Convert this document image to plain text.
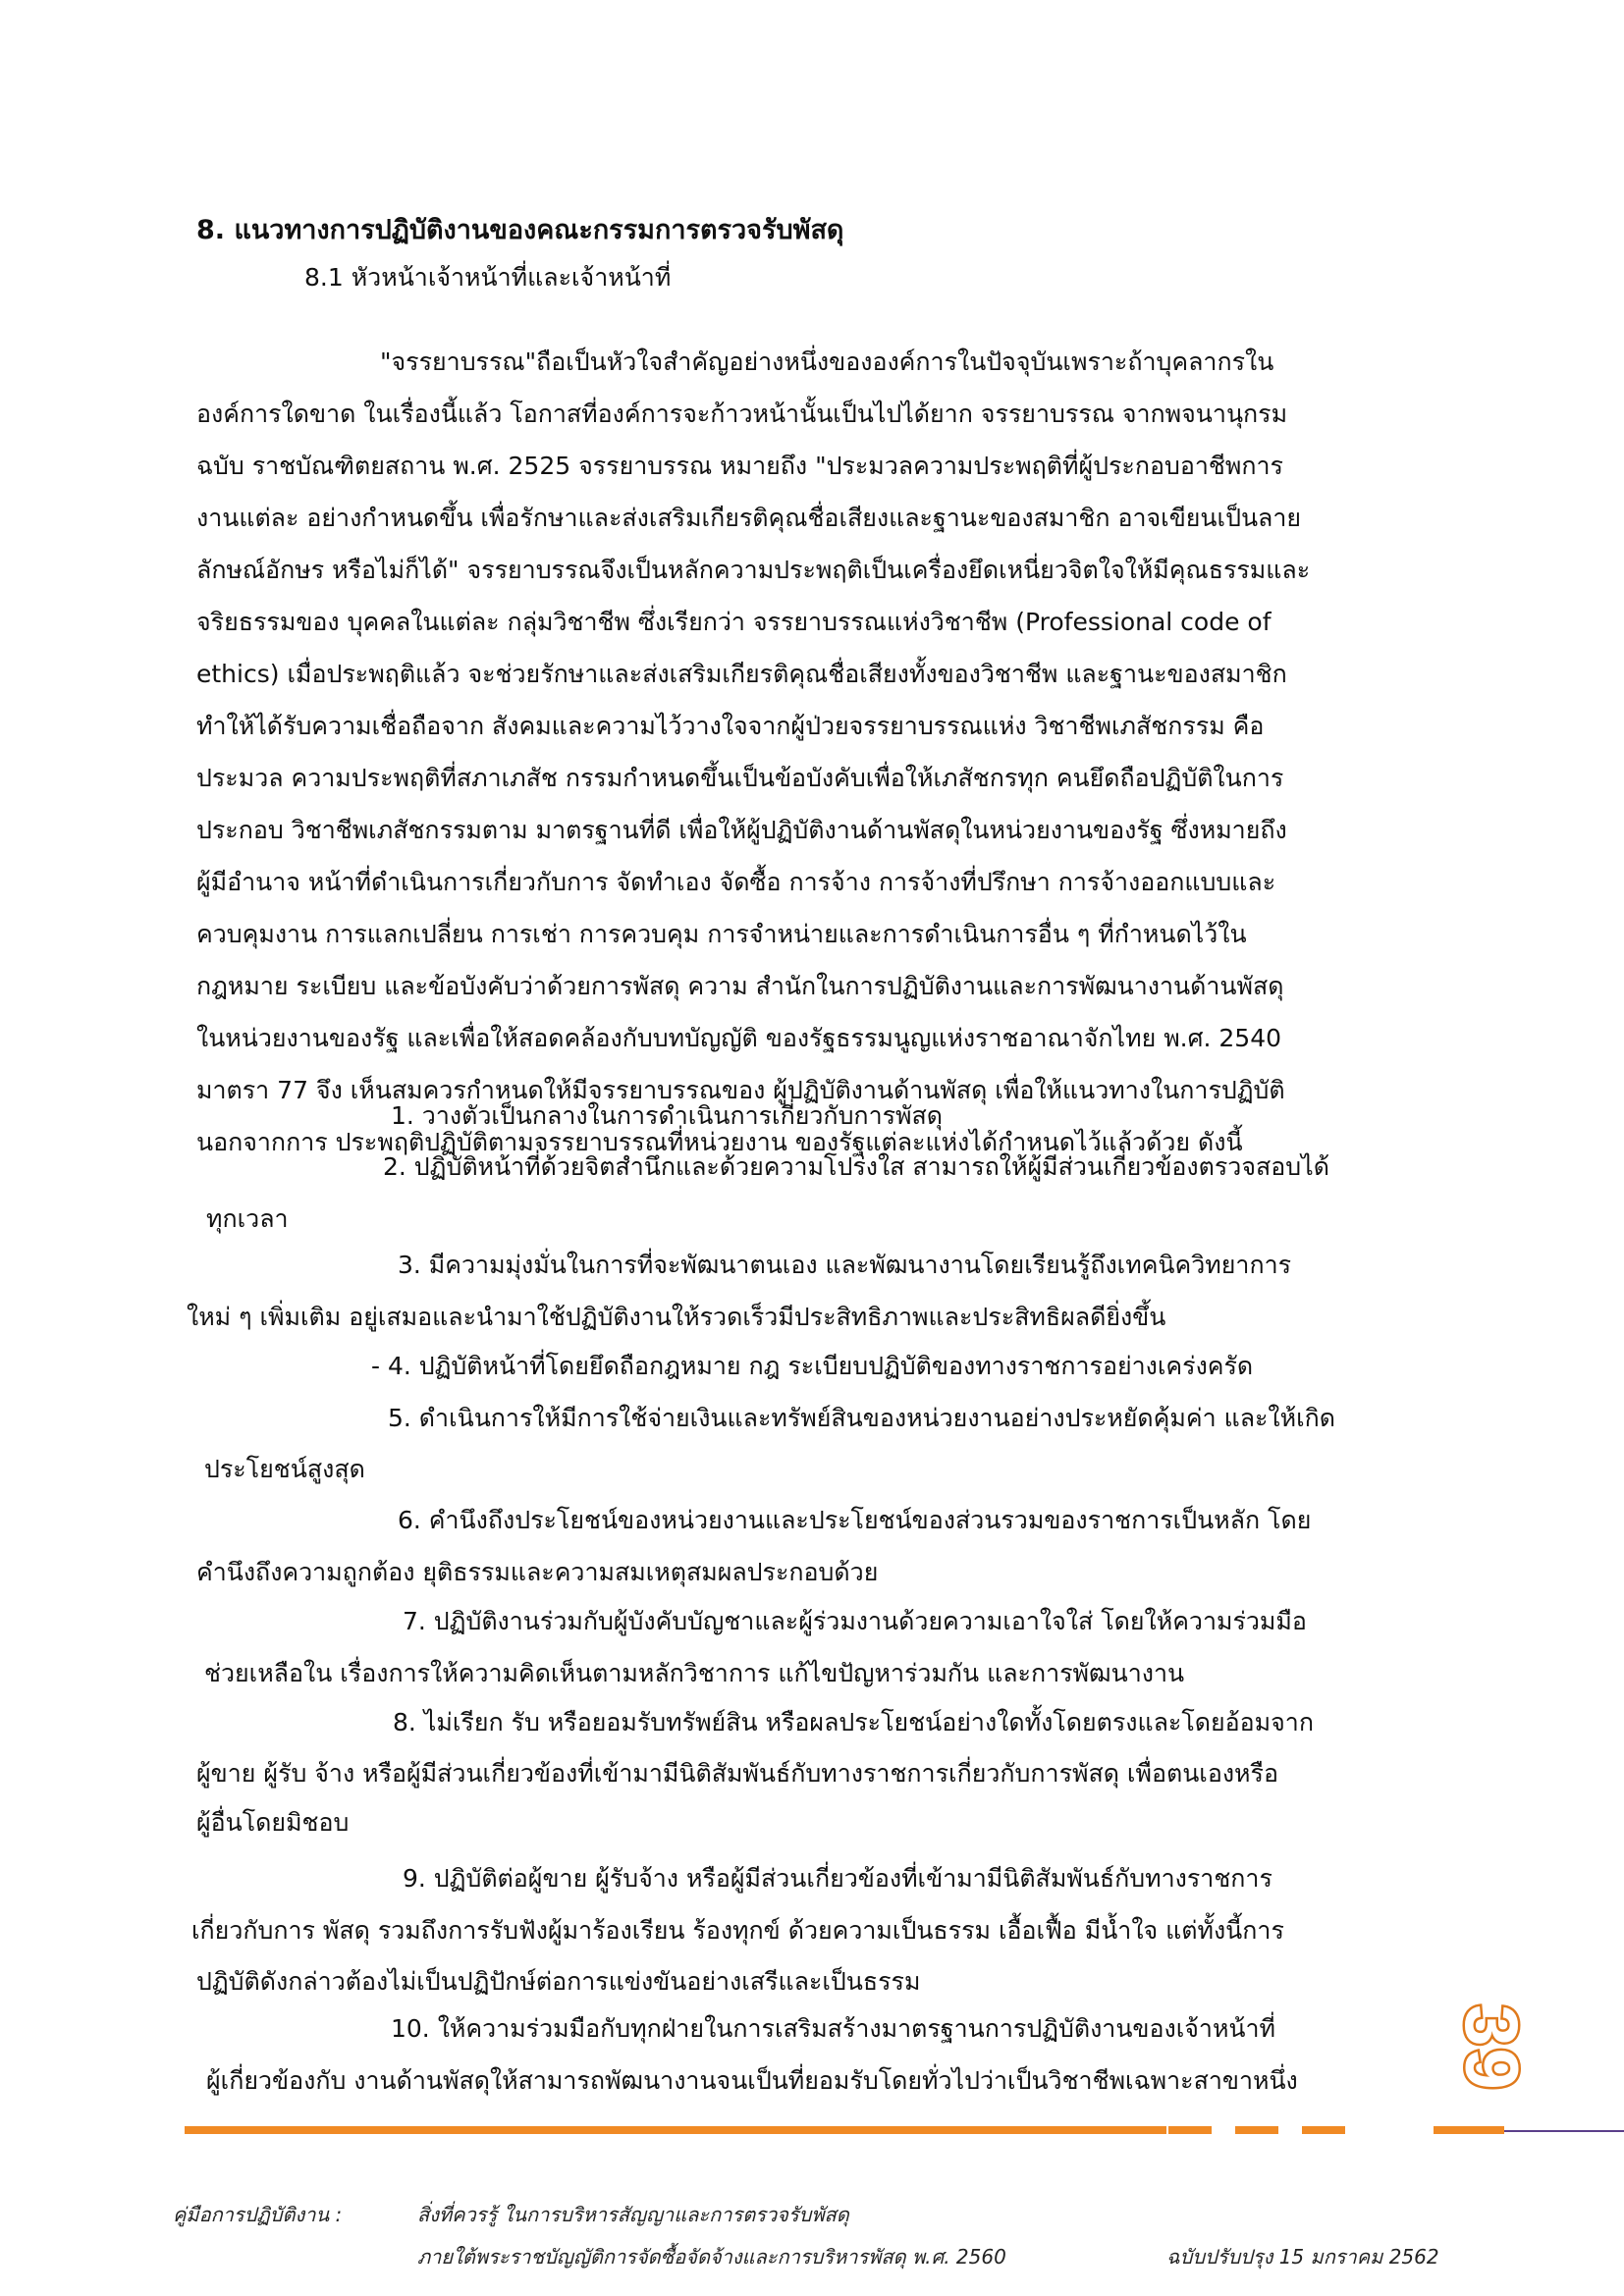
8. แนวทางการปฏิบัติงานของคณะกรรมการตรวจรับพัสดุ
8.1 หัวหน้าเจ้าหน้าที่และเจ้าหน้าที่
"จรรยาบรรณ"ถือเป็นหัวใจสำคัญอย่างหนึ่งขององค์การในปัจจุบันเพราะถ้าบุคลากรใน
องค์การใดขาด ในเรื่องนี้แล้ว โอกาสที่องค์การจะก้าวหน้านั้นเป็นไปได้ยาก จรรยาบรรณ จากพจนานุกรม
ฉบับ ราชบัณฑิตยสถาน พ.ศ. 2525 จรรยาบรรณ หมายถึง "ประมวลความประพฤติที่ผู้ประกอบอาชีพการ
งานแต่ละ อย่างกำหนดขึ้น เพื่อรักษาและส่งเสริมเกียรติคุณชื่อเสียงและฐานะของสมาชิก อาจเขียนเป็นลาย
ลักษณ์อักษร หรือไม่ก็ได้" จรรยาบรรณจึงเป็นหลักความประพฤติเป็นเครื่องยึดเหนี่ยวจิตใจให้มีคุณธรรมและ
จริยธรรมของ บุคคลในแต่ละ กลุ่มวิชาชีพ ซึ่งเรียกว่า จรรยาบรรณแห่งวิชาชีพ (Professional code of
ethics) เมื่อประพฤติแล้ว จะช่วยรักษาและส่งเสริมเกียรติคุณชื่อเสียงทั้งของวิชาชีพ และฐานะของสมาชิก
ทำให้ได้รับความเชื่อถือจาก สังคมและความไว้วางใจจากผู้ป่วยจรรยาบรรณแห่ง วิชาชีพเภสัชกรรม คือ
ประมวล ความประพฤติที่สภาเภสัช กรรมกำหนดขึ้นเป็นข้อบังคับเพื่อให้เภสัชกรทุก คนยึดถือปฏิบัติในการ
ประกอบ วิชาชีพเภสัชกรรมตาม มาตรฐานที่ดี เพื่อให้ผู้ปฏิบัติงานด้านพัสดุในหน่วยงานของรัฐ ซึ่งหมายถึง
ผู้มีอำนาจ หน้าที่ดำเนินการเกี่ยวกับการ จัดทำเอง จัดซื้อ การจ้าง การจ้างที่ปรึกษา การจ้างออกแบบและ
ควบคุมงาน การแลกเปลี่ยน การเช่า การควบคุม การจำหน่ายและการดำเนินการอื่น ๆ ที่กำหนดไว้ใน
กฎหมาย ระเบียบ และข้อบังคับว่าด้วยการพัสดุ ความ สำนักในการปฏิบัติงานและการพัฒนางานด้านพัสดุ
ในหน่วยงานของรัฐ และเพื่อให้สอดคล้องกับบทบัญญัติ ของรัฐธรรมนูญแห่งราชอาณาจักไทย พ.ศ. 2540
มาตรา 77 จึง เห็นสมควรกำหนดให้มีจรรยาบรรณของ ผู้ปฏิบัติงานด้านพัสดุ เพื่อให้แนวทางในการปฏิบัติ
นอกจากการ ประพฤติปฏิบัติตามจรรยาบรรณที่หน่วยงาน ของรัฐแต่ละแห่งได้กำหนดไว้แล้วด้วย ดังนี้
1. วางตัวเป็นกลางในการดำเนินการเกี่ยวกับการพัสดุ
2. ปฏิบัติหน้าที่ด้วยจิตสำนึกและด้วยความโปร่งใส สามารถให้ผู้มีส่วนเกี่ยวข้องตรวจสอบได้
ทุกเวลา
3. มีความมุ่งมั่นในการที่จะพัฒนาตนเอง และพัฒนางานโดยเรียนรู้ถึงเทคนิควิทยาการ
ใหม่ ๆ เพิ่มเติม อยู่เสมอและนำมาใช้ปฏิบัติงานให้รวดเร็วมีประสิทธิภาพและประสิทธิผลดียิ่งขึ้น
- 4. ปฏิบัติหน้าที่โดยยึดถือกฎหมาย กฎ ระเบียบปฏิบัติของทางราชการอย่างเคร่งครัด
5. ดำเนินการให้มีการใช้จ่ายเงินและทรัพย์สินของหน่วยงานอย่างประหยัดคุ้มค่า และให้เกิด
ประโยชน์สูงสุด
6. คำนึงถึงประโยชน์ของหน่วยงานและประโยชน์ของส่วนรวมของราชการเป็นหลัก โดย
คำนึงถึงความถูกต้อง ยุติธรรมและความสมเหตุสมผลประกอบด้วย
7. ปฏิบัติงานร่วมกับผู้บังคับบัญชาและผู้ร่วมงานด้วยความเอาใจใส่ โดยให้ความร่วมมือ
ช่วยเหลือใน เรื่องการให้ความคิดเห็นตามหลักวิชาการ แก้ไขปัญหาร่วมกัน และการพัฒนางาน
8. ไม่เรียก รับ หรือยอมรับทรัพย์สิน หรือผลประโยชน์อย่างใดทั้งโดยตรงและโดยอ้อมจาก
ผู้ขาย ผู้รับ จ้าง หรือผู้มีส่วนเกี่ยวข้องที่เข้ามามีนิติสัมพันธ์กับทางราชการเกี่ยวกับการพัสดุ เพื่อตนเองหรือ
ผู้อื่นโดยมิชอบ
9. ปฏิบัติต่อผู้ขาย ผู้รับจ้าง หรือผู้มีส่วนเกี่ยวข้องที่เข้ามามีนิติสัมพันธ์กับทางราชการ
เกี่ยวกับการ พัสดุ รวมถึงการรับฟังผู้มาร้องเรียน ร้องทุกข์ ด้วยความเป็นธรรม เอื้อเฟื้อ มีน้ำใจ แต่ทั้งนี้การ
ปฏิบัติดังกล่าวต้องไม่เป็นปฏิปักษ์ต่อการแข่งขันอย่างเสรีและเป็นธรรม
10. ให้ความร่วมมือกับทุกฝ่ายในการเสริมสร้างมาตรฐานการปฏิบัติงานของเจ้าหน้าที่
ผู้เกี่ยวข้องกับ งานด้านพัสดุให้สามารถพัฒนางานจนเป็นที่ยอมรับโดยทั่วไปว่าเป็นวิชาชีพเฉพาะสาขาหนึ่ง 39
คู่มือการปฏิบัติงาน :	สิ่งที่ควรรู้ ในการบริหารสัญญาและการตรวจรับพัสดุ
ภายใต้พระราชบัญญัติการจัดซื้อจัดจ้างและการบริหารพัสดุ พ.ศ. 2560	ฉบับปรับปรุง 15 มกราคม 2562
